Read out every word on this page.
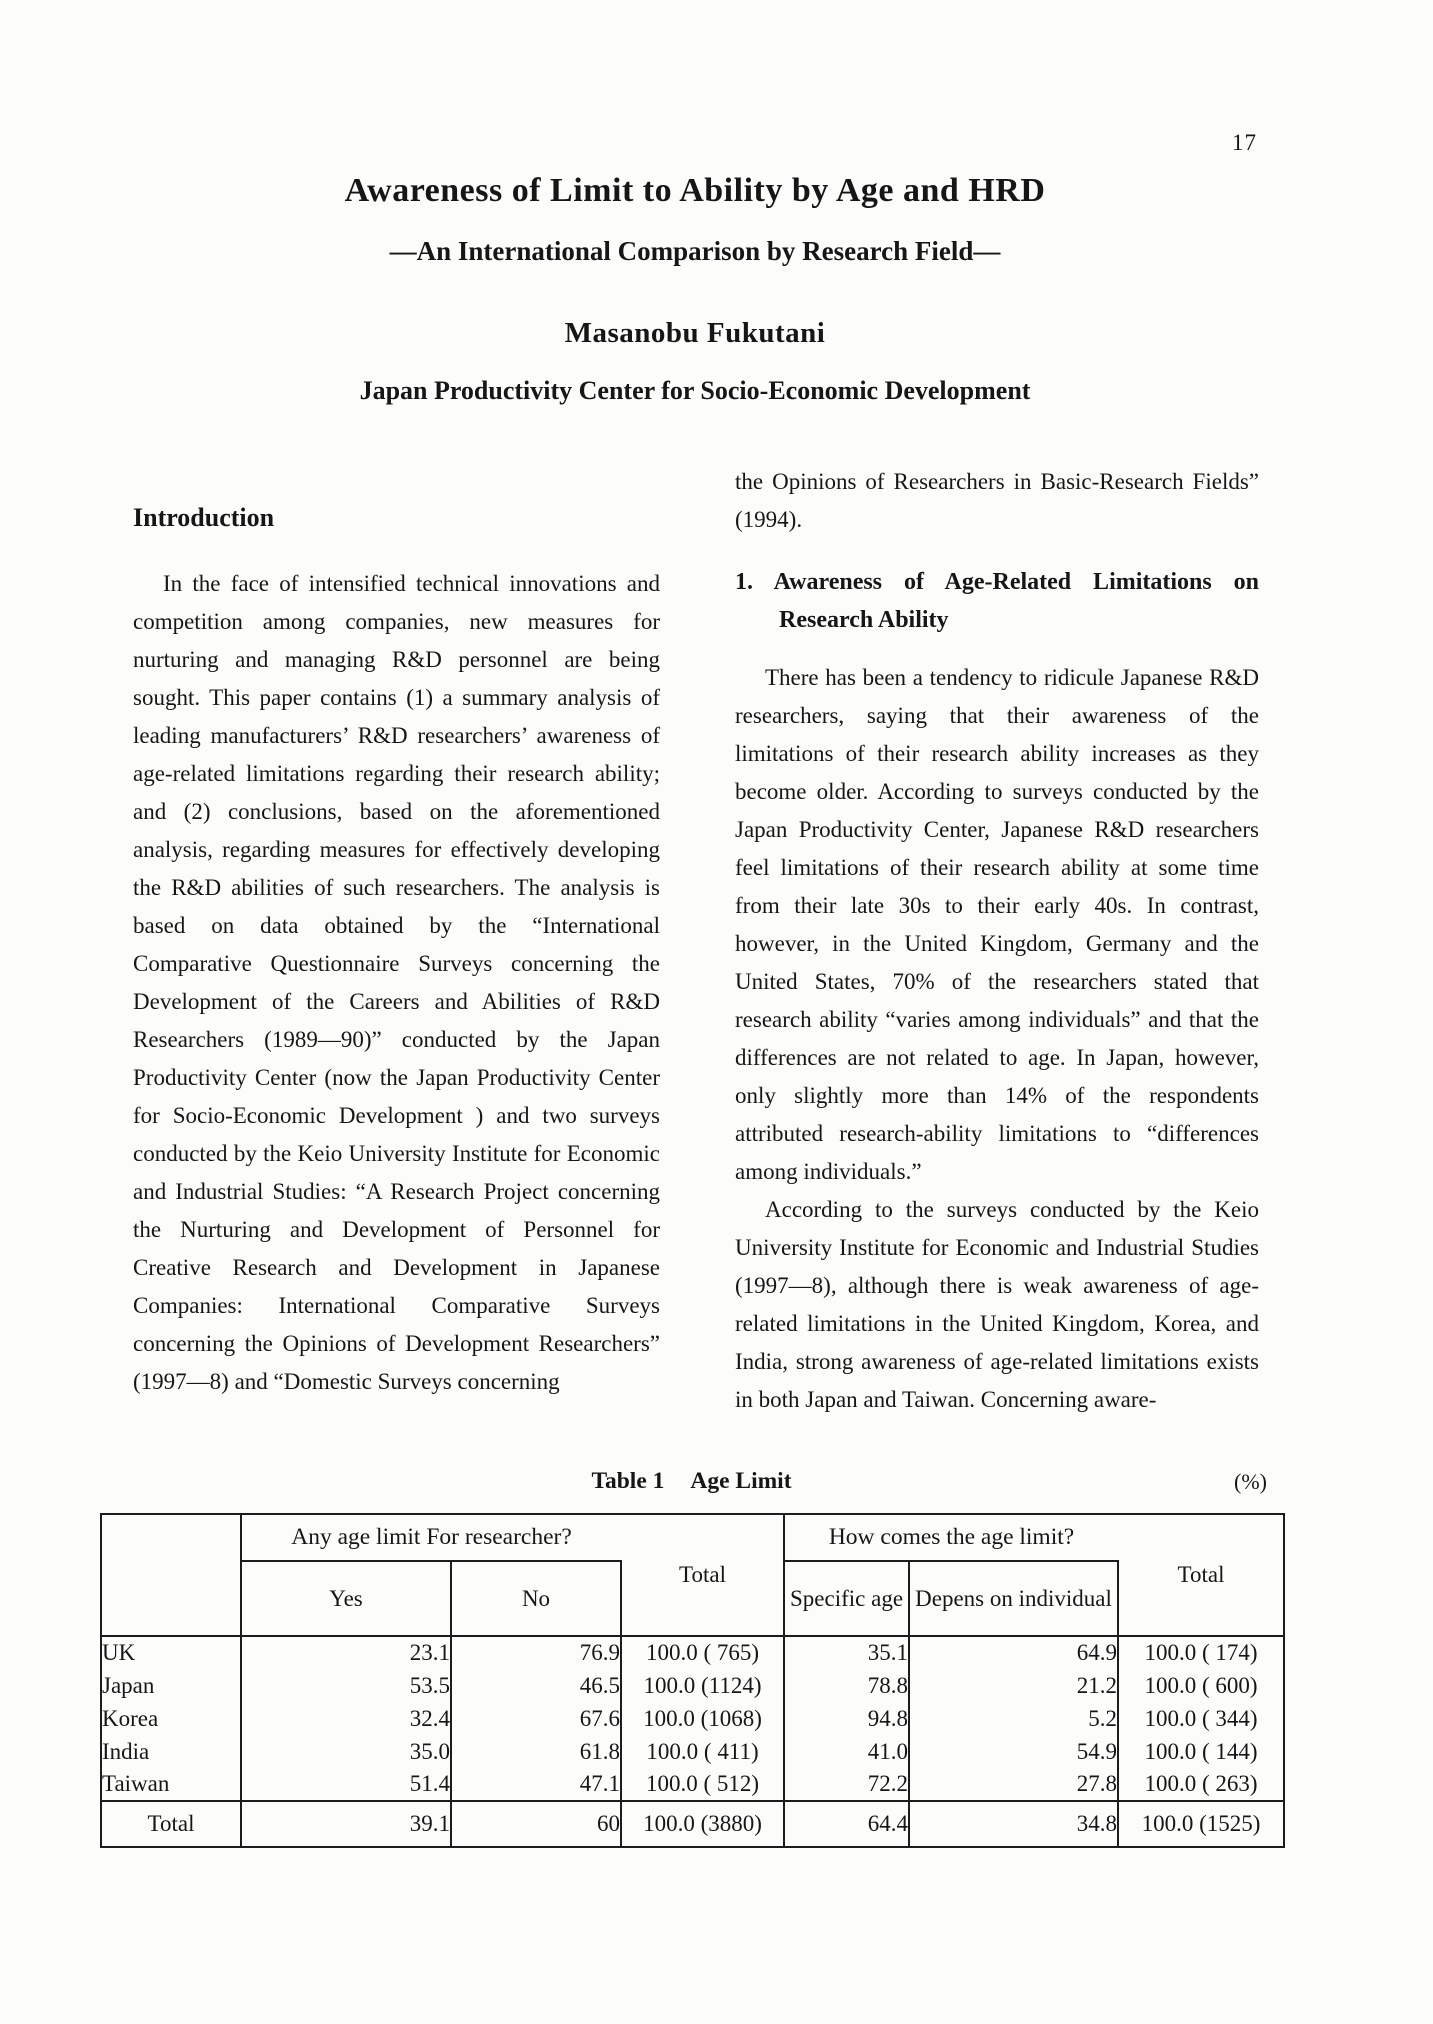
17
Awareness of Limit to Ability by Age and HRD
—An International Comparison by Research Field—
Masanobu Fukutani
Japan Productivity Center for Socio-Economic Development
Introduction

In the face of intensified technical innovations and competition among companies, new measures for nurturing and managing R&D personnel are being sought. This paper contains (1) a summary analysis of leading manufacturers’ R&D researchers’ awareness of age-related limitations regarding their research ability; and (2) conclusions, based on the aforementioned analysis, regarding measures for effectively developing the R&D abilities of such researchers. The analysis is based on data obtained by the “International Comparative Questionnaire Surveys concerning the Development of the Careers and Abilities of R&D Researchers (1989—90)” conducted by the Japan Productivity Center (now the Japan Productivity Center for Socio-Economic Development ) and two surveys conducted by the Keio University Institute for Economic and Industrial Studies: “A Research Project concerning the Nurturing and Development of Personnel for Creative Research and Development in Japanese Companies: International Comparative Surveys concerning the Opinions of Development Researchers” (1997—8) and “Domestic Surveys concerning

the Opinions of Researchers in Basic-Research Fields” (1994).

1. Awareness of Age-Related Limitations on Research Ability

There has been a tendency to ridicule Japanese R&D researchers, saying that their awareness of the limitations of their research ability increases as they become older. According to surveys conducted by the Japan Productivity Center, Japanese R&D researchers feel limitations of their research ability at some time from their late 30s to their early 40s. In contrast, however, in the United Kingdom, Germany and the United States, 70% of the researchers stated that research ability “varies among individuals” and that the differences are not related to age. In Japan, however, only slightly more than 14% of the respondents attributed research-ability limitations to “differences among individuals.”

According to the surveys conducted by the Keio University Institute for Economic and Industrial Studies (1997—8), although there is weak awareness of age-related limitations in the United Kingdom, Korea, and India, strong awareness of age-related limitations exists in both Japan and Taiwan. Concerning aware-

Table 1 Age Limit	(%)
	Any age limit For researcher?		Total	How comes the age limit?		Total
	Yes	No		Specific age	Depens on individual	
UK	23.1	76.9	100.0 ( 765)	35.1	64.9	100.0 ( 174)
Japan	53.5	46.5	100.0 (1124)	78.8	21.2	100.0 ( 600)
Korea	32.4	67.6	100.0 (1068)	94.8	5.2	100.0 ( 344)
India	35.0	61.8	100.0 ( 411)	41.0	54.9	100.0 ( 144)
Taiwan	51.4	47.1	100.0 ( 512)	72.2	27.8	100.0 ( 263)
Total	39.1	60	100.0 (3880)	64.4	34.8	100.0 (1525)
